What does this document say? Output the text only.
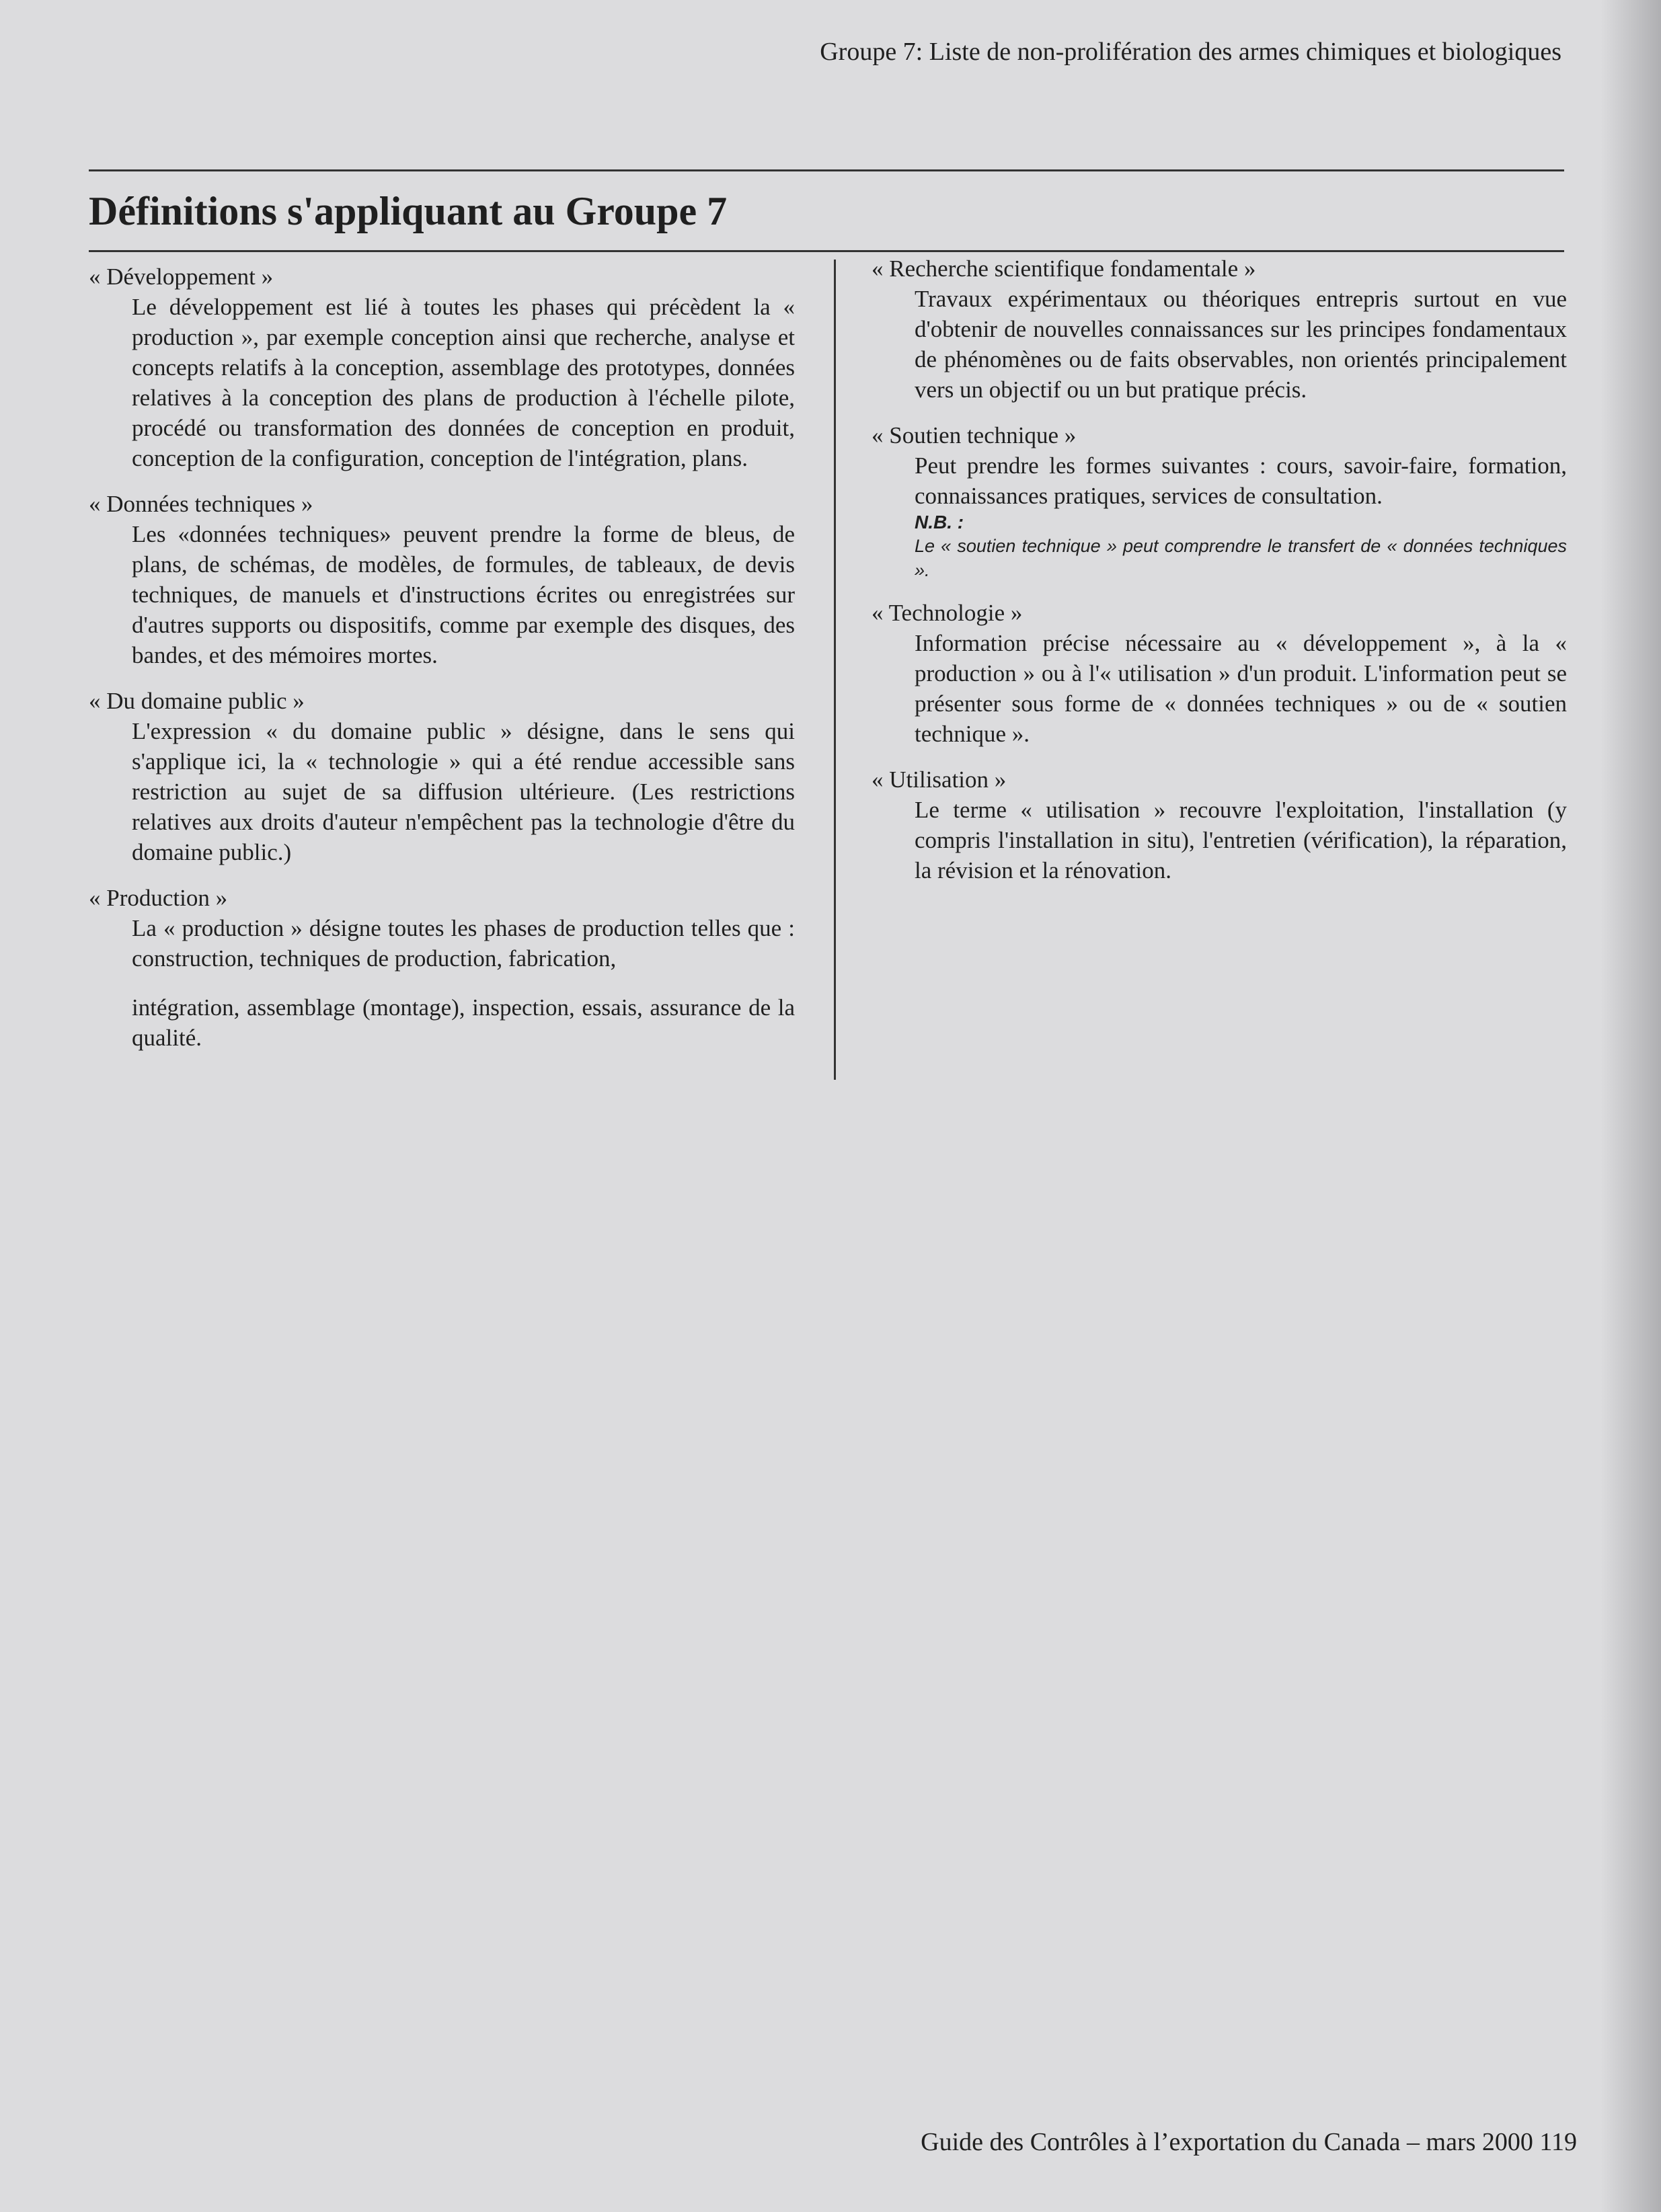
Groupe 7: Liste de non-prolifération des armes chimiques et biologiques
Définitions s'appliquant au Groupe 7
« Développement »
Le développement est lié à toutes les phases qui précèdent la « production », par exemple conception ainsi que recherche, analyse et concepts relatifs à la conception, assemblage des prototypes, données relatives à la conception des plans de production à l'échelle pilote, procédé ou transformation des données de conception en produit, conception de la configuration, conception de l'intégration, plans.
« Données techniques »
Les «données techniques» peuvent prendre la forme de bleus, de plans, de schémas, de modèles, de formules, de tableaux, de devis techniques, de manuels et d'instructions écrites ou enregistrées sur d'autres supports ou dispositifs, comme par exemple des disques, des bandes, et des mémoires mortes.
« Du domaine public »
L'expression « du domaine public » désigne, dans le sens qui s'applique ici, la « technologie » qui a été rendue accessible sans restriction au sujet de sa diffusion ultérieure. (Les restrictions relatives aux droits d'auteur n'empêchent pas la technologie d'être du domaine public.)
« Production »
La « production » désigne toutes les phases de production telles que : construction, techniques de production, fabrication,
intégration, assemblage (montage), inspection, essais, assurance de la qualité.
« Recherche scientifique fondamentale »
Travaux expérimentaux ou théoriques entrepris surtout en vue d'obtenir de nouvelles connaissances sur les principes fondamentaux de phénomènes ou de faits observables, non orientés principalement vers un objectif ou un but pratique précis.
« Soutien technique »
Peut prendre les formes suivantes : cours, savoir-faire, formation, connaissances pratiques, services de consultation.
N.B. :
Le « soutien technique » peut comprendre le transfert de « données techniques ».
« Technologie »
Information précise nécessaire au « développement », à la « production » ou à l'« utilisation » d'un produit. L'information peut se présenter sous forme de « données techniques » ou de « soutien technique ».
« Utilisation »
Le terme « utilisation » recouvre l'exploitation, l'installation (y compris l'installation in situ), l'entretien (vérification), la réparation, la révision et la rénovation.
Guide des Contrôles à l’exportation du Canada – mars 2000 119
